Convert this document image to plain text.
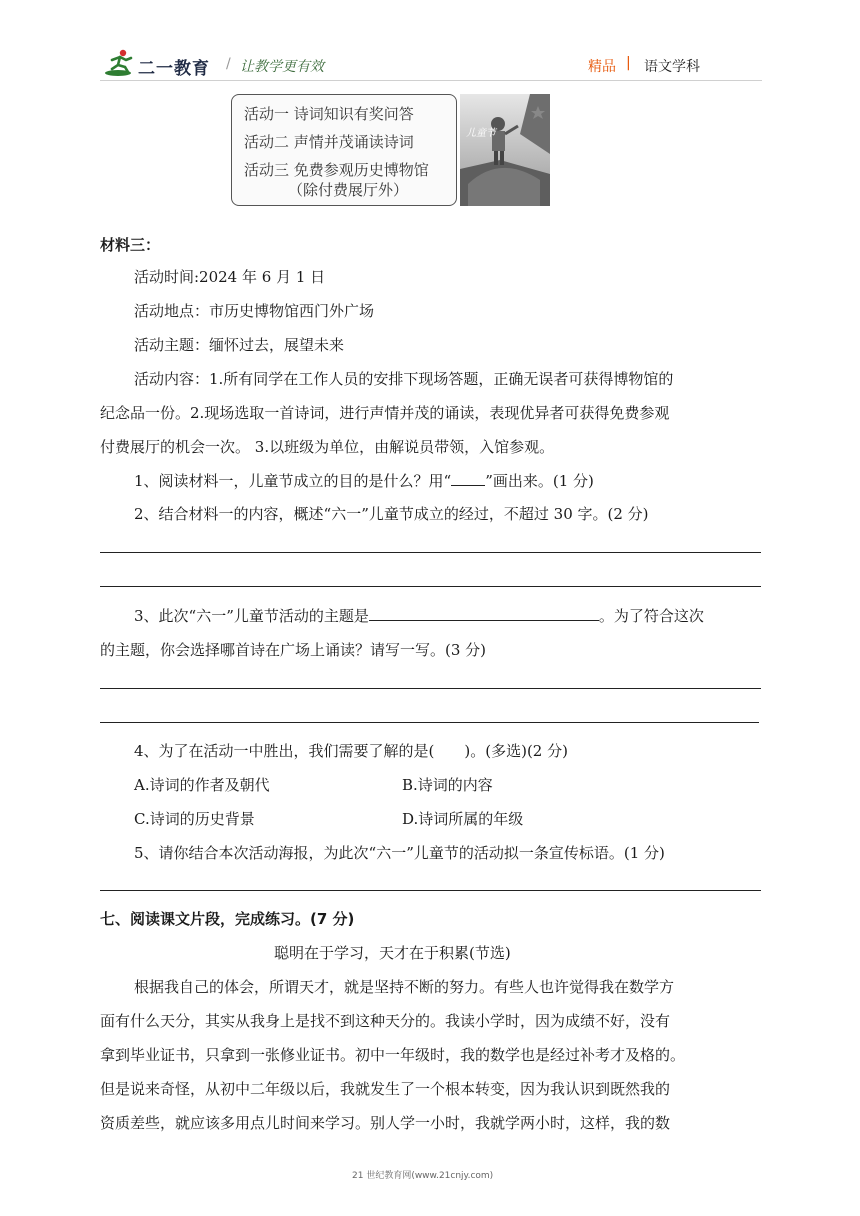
二一教育 / 让教学更有效	精品 | 语文学科
活动一 诗词知识有奖问答
活动二 声情并茂诵读诗词
活动三 免费参观历史博物馆
（除付费展厅外）
儿童节
材料三：
活动时间:2024 年 6 月 1 日
活动地点：市历史博物馆西门外广场
活动主题：缅怀过去，展望未来
活动内容：1.所有同学在工作人员的安排下现场答题，正确无误者可获得博物馆的
纪念品一份。2.现场选取一首诗词，进行声情并茂的诵读，表现优异者可获得免费参观
付费展厅的机会一次。 3.以班级为单位，由解说员带领，入馆参观。
1、阅读材料一，儿童节成立的目的是什么？用“ ”画出来。(1 分)
2、结合材料一的内容，概述“六一”儿童节成立的经过，不超过 30 字。(2 分)
3、此次“六一”儿童节活动的主题是	。为了符合这次
的主题，你会选择哪首诗在广场上诵读？请写一写。(3 分)
4、为了在活动一中胜出，我们需要了解的是(　　)。(多选)(2 分)
A.诗词的作者及朝代	B.诗词的内容
C.诗词的历史背景	D.诗词所属的年级
5、请你结合本次活动海报，为此次“六一”儿童节的活动拟一条宣传标语。(1 分)
七、阅读课文片段，完成练习。(7 分)
聪明在于学习，天才在于积累(节选)
根据我自己的体会，所谓天才，就是坚持不断的努力。有些人也许觉得我在数学方
面有什么天分，其实从我身上是找不到这种天分的。我读小学时，因为成绩不好，没有
拿到毕业证书，只拿到一张修业证书。初中一年级时，我的数学也是经过补考才及格的。
但是说来奇怪，从初中二年级以后，我就发生了一个根本转变，因为我认识到既然我的
资质差些，就应该多用点儿时间来学习。别人学一小时，我就学两小时，这样，我的数
21 世纪教育网(www.21cnjy.com)
